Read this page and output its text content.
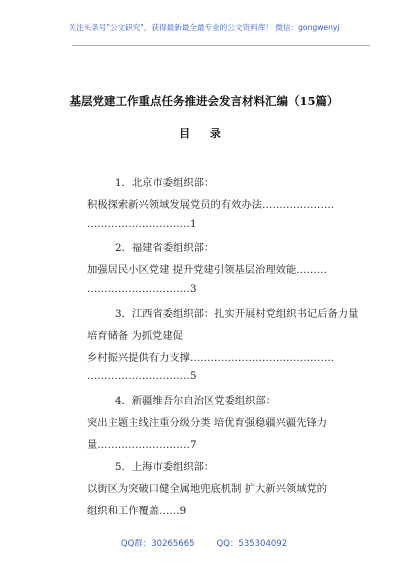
关注头条号"公文研究"，获得最新最全最专业的公文资料库！ 微信：gongwenyj
基层党建工作重点任务推进会发言材料汇编（15篇）
目 录
1．北京市委组织部：
积极探索新兴领域发展党员的有效办法…………………
…………………………1
2．福建省委组织部：
加强居民小区党建 提升党建引领基层治理效能………
…………………………3
3．江西省委组织部：扎实开展村党组织书记后备力量
培育储备 为抓党建促
乡村振兴提供有力支撑……………………………………
…………………………5
4．新疆维吾尔自治区党委组织部：
突出主题主线注重分级分类 培优育强稳疆兴疆先锋力
量………………………7
5．上海市委组织部：
以街区为突破口健全属地兜底机制 扩大新兴领域党的
组织和工作覆盖……9
QQ群：30265665	QQ：535304092
